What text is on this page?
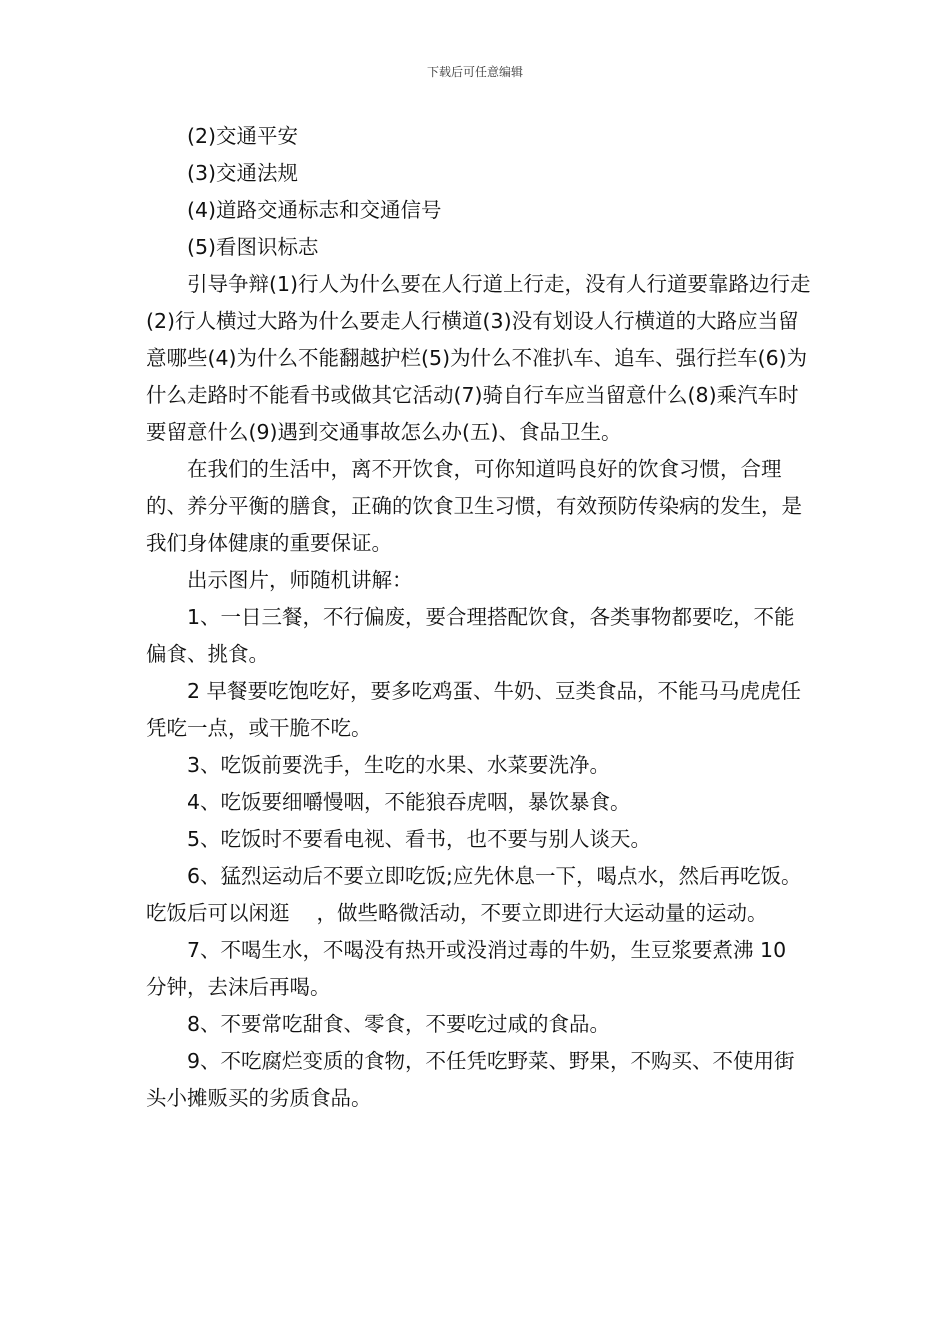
下载后可任意编辑

(2)交通平安

(3)交通法规

(4)道路交通标志和交通信号

(5)看图识标志

引导争辩(1)行人为什么要在人行道上行走，没有人行道要靠路边行走(2)行人横过大路为什么要走人行横道(3)没有划设人行横道的大路应当留意哪些(4)为什么不能翻越护栏(5)为什么不准扒车、追车、强行拦车(6)为什么走路时不能看书或做其它活动(7)骑自行车应当留意什么(8)乘汽车时要留意什么(9)遇到交通事故怎么办(五)、食品卫生。

在我们的生活中，离不开饮食，可你知道吗良好的饮食习惯，合理的、养分平衡的膳食，正确的饮食卫生习惯，有效预防传染病的发生，是我们身体健康的重要保证。

出示图片，师随机讲解：

1、一日三餐，不行偏废，要合理搭配饮食，各类事物都要吃，不能偏食、挑食。

2 早餐要吃饱吃好，要多吃鸡蛋、牛奶、豆类食品，不能马马虎虎任凭吃一点，或干脆不吃。

3、吃饭前要洗手，生吃的水果、水菜要洗净。

4、吃饭要细嚼慢咽，不能狼吞虎咽，暴饮暴食。

5、吃饭时不要看电视、看书，也不要与别人谈天。

6、猛烈运动后不要立即吃饭;应先休息一下，喝点水，然后再吃饭。吃饭后可以闲逛　 ，做些略微活动，不要立即进行大运动量的运动。

7、不喝生水，不喝没有热开或没消过毒的牛奶，生豆浆要煮沸 10 分钟，去沫后再喝。

8、不要常吃甜食、零食，不要吃过咸的食品。

9、不吃腐烂变质的食物，不任凭吃野菜、野果，不购买、不使用街头小摊贩买的劣质食品。
